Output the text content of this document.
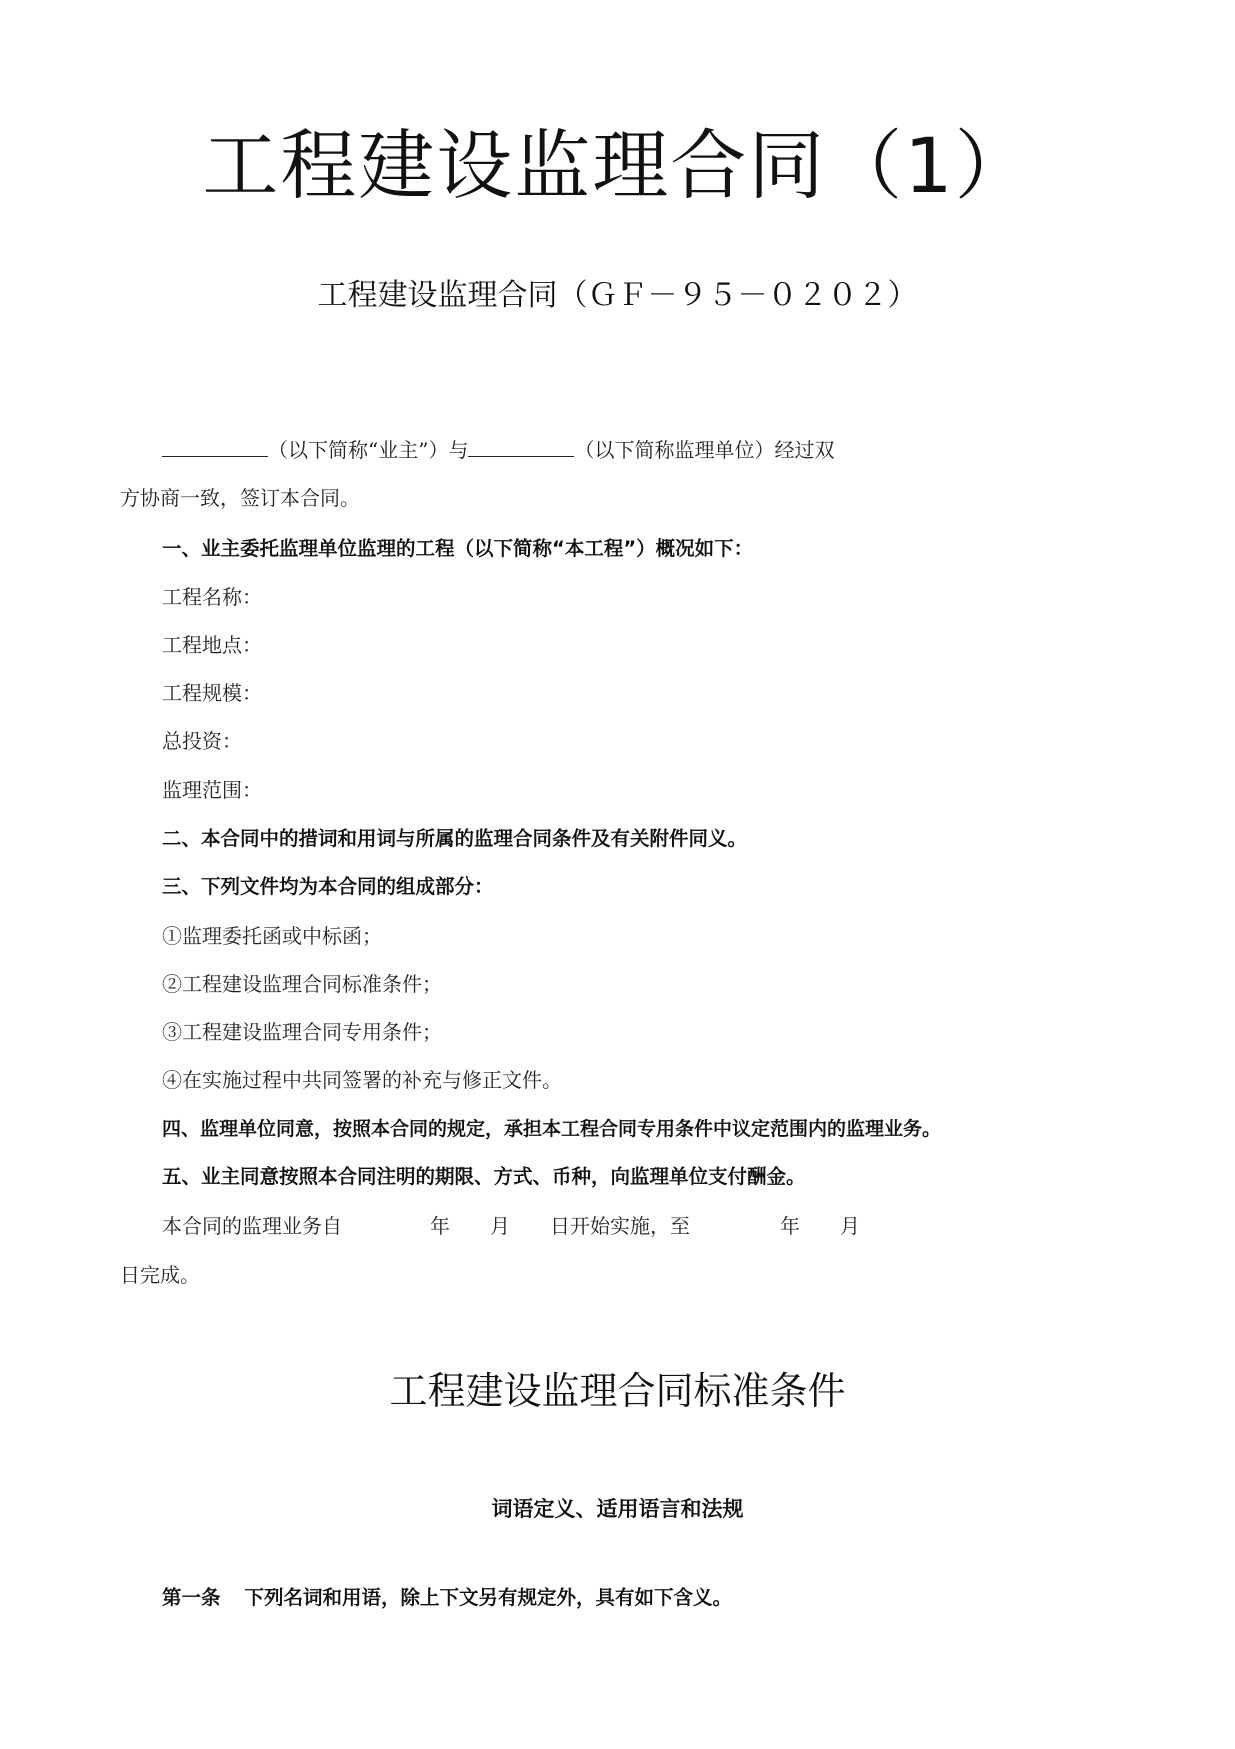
工程建设监理合同（1）
工程建设监理合同（ＧＦ－９５－０２０２）
（以下简称“业主”）与	（以下简称监理单位）经过双
方协商一致，签订本合同。
一、业主委托监理单位监理的工程（以下简称“本工程”）概况如下：
工程名称：
工程地点：
工程规模：
总投资：
监理范围：
二、本合同中的措词和用词与所属的监理合同条件及有关附件同义。
三、下列文件均为本合同的组成部分：
①监理委托函或中标函；
②工程建设监理合同标准条件；
③工程建设监理合同专用条件；
④在实施过程中共同签署的补充与修正文件。
四、监理单位同意，按照本合同的规定，承担本工程合同专用条件中议定范围内的监理业务。
五、业主同意按照本合同注明的期限、方式、币种，向监理单位支付酬金。
本合同的监理业务自	年 月 日开始实施，至	年 月
日完成。
工程建设监理合同标准条件
词语定义、适用语言和法规
第一条 下列名词和用语，除上下文另有规定外，具有如下含义。
